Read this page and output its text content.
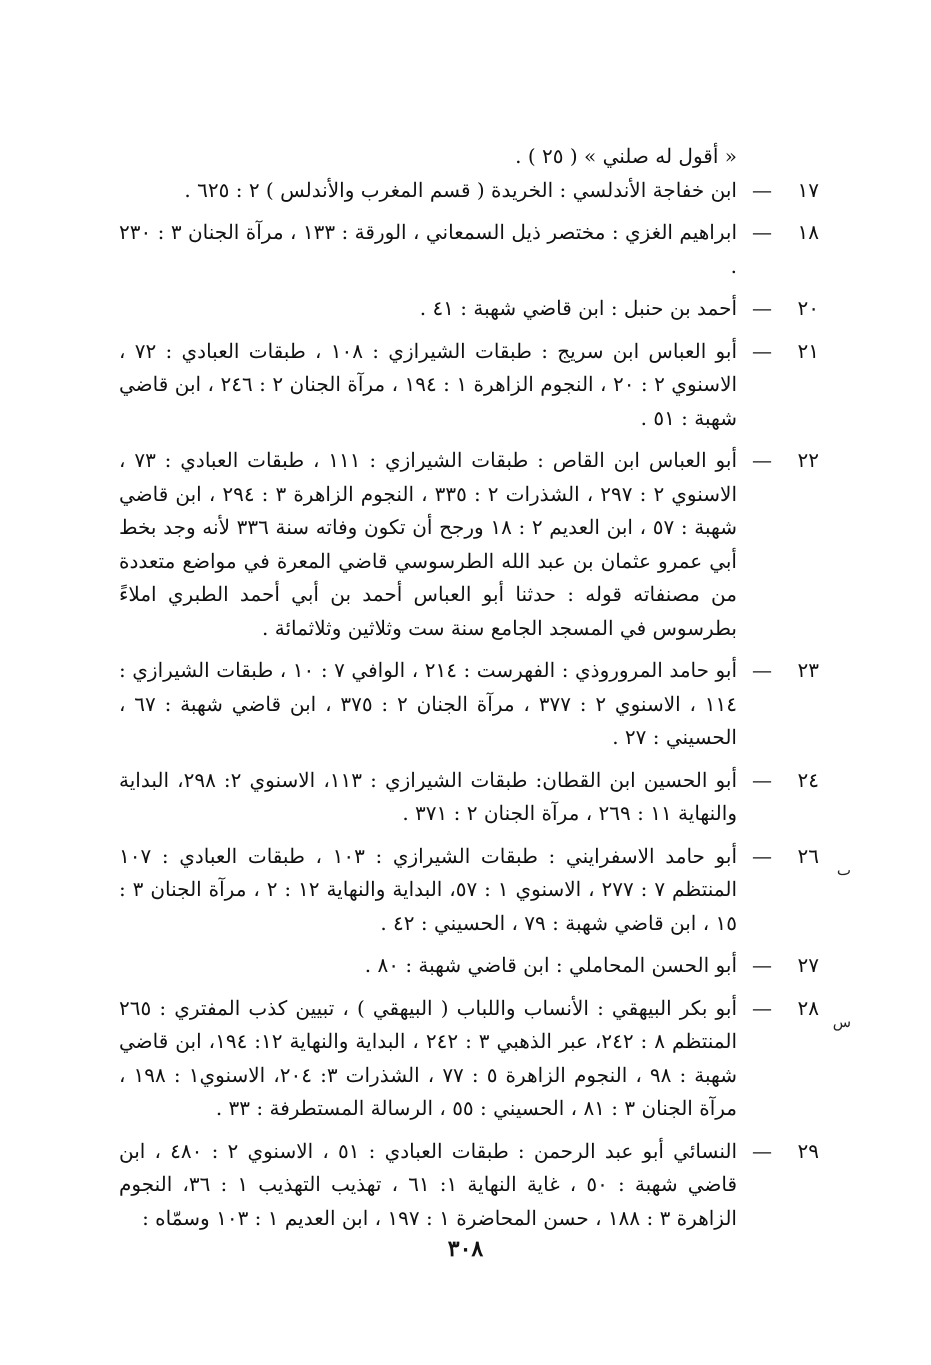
« أقول له صلني » ( ٢٥ ) .

١٧
—
ابن خفاجة الأندلسي : الخريدة ( قسم المغرب والأندلس ) ٢ : ٦٢٥ .
١٨
—
ابراهيم الغزي : مختصر ذيل السمعاني ، الورقة : ١٣٣ ، مرآة الجنان ٣ : ٢٣٠ .
٢٠
—
أحمد بن حنبل : ابن قاضي شهبة : ٤١ .
٢١
—
أبو العباس ابن سريج : طبقات الشيرازي : ١٠٨ ، طبقات العبادي : ٧٢ ، الاسنوي ٢ : ٢٠ ، النجوم الزاهرة ١ : ١٩٤ ، مرآة الجنان ٢ : ٢٤٦ ، ابن قاضي شهبة : ٥١ .
٢٢
—
أبو العباس ابن القاص : طبقات الشيرازي : ١١١ ، طبقات العبادي : ٧٣ ، الاسنوي ٢ : ٢٩٧ ، الشذرات ٢ : ٣٣٥ ، النجوم الزاهرة ٣ : ٢٩٤ ، ابن قاضي شهبة : ٥٧ ، ابن العديم ٢ : ١٨ ورجح أن تكون وفاته سنة ٣٣٦ لأنه وجد بخط أبي عمرو عثمان بن عبد الله الطرسوسي قاضي المعرة في مواضع متعددة من مصنفاته قوله : حدثنا أبو العباس أحمد بن أبي أحمد الطبري املاءً بطرسوس في المسجد الجامع سنة ست وثلاثين وثلاثمائة .
٢٣
—
أبو حامد المروروذي : الفهرست : ٢١٤ ، الوافي ٧ : ١٠ ، طبقات الشيرازي : ١١٤ ، الاسنوي ٢ : ٣٧٧ ، مرآة الجنان ٢ : ٣٧٥ ، ابن قاضي شهبة : ٦٧ ، الحسيني : ٢٧ .
٢٤
—
أبو الحسين ابن القطان: طبقات الشيرازي : ١١٣، الاسنوي ٢: ٢٩٨، البداية والنهاية ١١ : ٢٦٩ ، مرآة الجنان ٢ : ٣٧١ .
٢٦
—
ٮ
أبو حامد الاسفرايني : طبقات الشيرازي : ١٠٣ ، طبقات العبادي : ١٠٧ المنتظم ٧ : ٢٧٧ ، الاسنوي ١ : ٥٧، البداية والنهاية ١٢ : ٢ ، مرآة الجنان ٣ : ١٥ ، ابن قاضي شهبة : ٧٩ ، الحسيني : ٤٢ .
٢٧
—
أبو الحسن المحاملي : ابن قاضي شهبة : ٨٠ .
٢٨
—
س
أبو بكر البيهقي : الأنساب واللباب ( البيهقي ) ، تبيين كذب المفتري : ٢٦٥ المنتظم ٨ : ٢٤٢، عبر الذهبي ٣ : ٢٤٢ ، البداية والنهاية ١٢: ١٩٤، ابن قاضي شهبة : ٩٨ ، النجوم الزاهرة ٥ : ٧٧ ، الشذرات ٣: ٢٠٤، الاسنوي١ : ١٩٨ ، مرآة الجنان ٣ : ٨١ ، الحسيني : ٥٥ ، الرسالة المستطرفة : ٣٣ .
٢٩
—
النسائي أبو عبد الرحمن : طبقات العبادي : ٥١ ، الاسنوي ٢ : ٤٨٠ ، ابن قاضي شهبة : ٥٠ ، غاية النهاية ١: ٦١ ، تهذيب التهذيب ١ : ٣٦، النجوم الزاهرة ٣ : ١٨٨ ، حسن المحاضرة ١ : ١٩٧ ، ابن العديم ١ : ١٠٣ وسمّاه :
٣٠٨
